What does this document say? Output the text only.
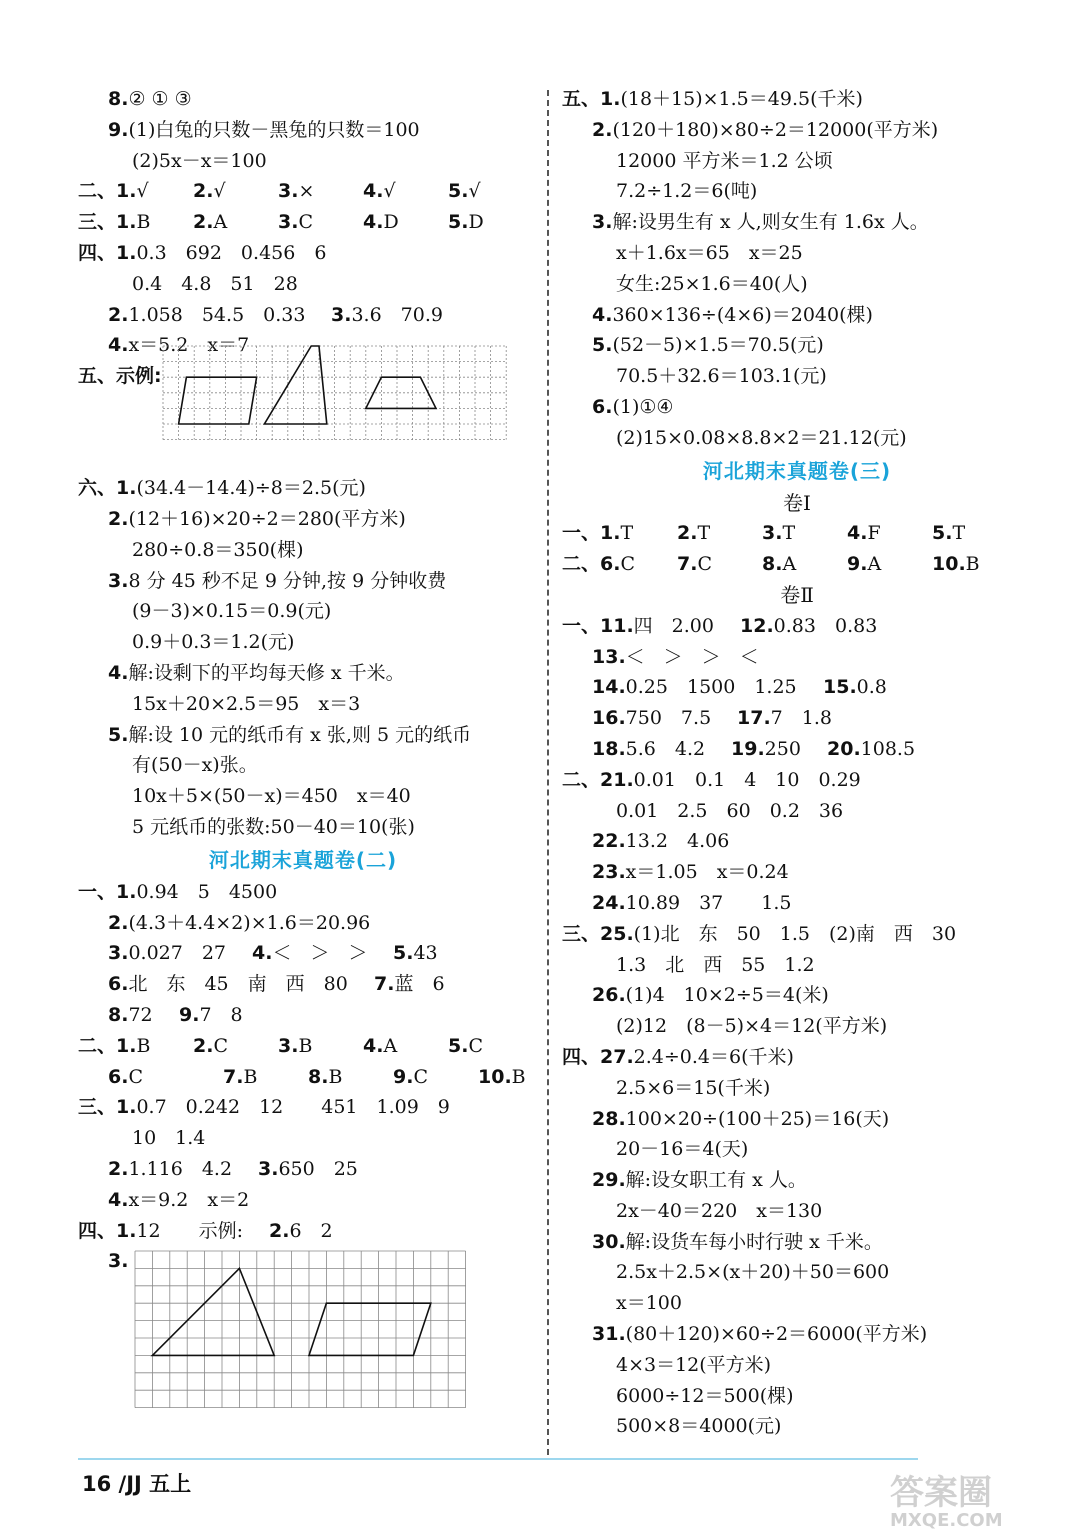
8.② ① ③
9.(1)白兔的只数－黑兔的只数＝100
(2)5x－x＝100
二、1.√ 2.√	3.×	4.√	5.√
三、1.B 2.A	3.C	4.D	5.D
四、1.0.3　692　0.456　6
0.4　4.8　51　28
2.1.058　54.5　0.33 3.3.6　70.9
4.x＝5.2　x＝7
五、示例:
六、1.(34.4－14.4)÷8＝2.5(元)
2.(12＋16)×20÷2＝280(平方米)
280÷0.8＝350(棵)
3.8 分 45 秒不足 9 分钟,按 9 分钟收费
(9－3)×0.15＝0.9(元)
0.9＋0.3＝1.2(元)
4.解:设剩下的平均每天修 x 千米。
15x＋20×2.5＝95　x＝3
5.解:设 10 元的纸币有 x 张,则 5 元的纸币
有(50－x)张。
10x＋5×(50－x)＝450　x＝40
5 元纸币的张数:50－40＝10(张)
河北期末真题卷(二)
一、1.0.94　5　4500
2.(4.3＋4.4×2)×1.6＝20.96
3.0.027　27 4.＜　＞　＞ 5.43
6.北　东　45　南　西　80 7.蓝　6
8.72 9.7　8
二、1.B 2.C	3.B	4.A	5.C
6.C	7.B	8.B	9.C	10.B
三、1.0.7　0.242　12　　451　1.09　9
10　1.4
2.1.116　4.2 3.650　25
4.x＝9.2　x＝2
四、1.12　　示例: 2.6　2
3.
五、1.(18＋15)×1.5＝49.5(千米)
2.(120＋180)×80÷2＝12000(平方米)
12000 平方米＝1.2 公顷
7.2÷1.2＝6(吨)
3.解:设男生有 x 人,则女生有 1.6x 人。
x＋1.6x＝65　x＝25
女生:25×1.6＝40(人)
4.360×136÷(4×6)＝2040(棵)
5.(52－5)×1.5＝70.5(元)
70.5＋32.6＝103.1(元)
6.(1)①④
(2)15×0.08×8.8×2＝21.12(元)
河北期末真题卷(三)
卷Ⅰ
一、1.T 2.T	3.T	4.F	5.T
二、6.C 7.C	8.A	9.A	10.B
卷Ⅱ
一、11.四　2.00 12.0.83　0.83
13.＜　＞　＞　＜
14.0.25　1500　1.25 15.0.8
16.750　7.5 17.7　1.8
18.5.6　4.2 19.250 20.108.5
二、21.0.01　0.1　4　10　0.29
0.01　2.5　60　0.2　36
22.13.2　4.06
23.x＝1.05　x＝0.24
24.10.89　37　　1.5
三、25.(1)北　东　50　1.5　(2)南　西　30
1.3　北　西　55　1.2
26.(1)4　10×2÷5＝4(米)
(2)12　(8－5)×4＝12(平方米)
四、27.2.4÷0.4＝6(千米)
2.5×6＝15(千米)
28.100×20÷(100＋25)＝16(天)
20－16＝4(天)
29.解:设女职工有 x 人。
2x－40＝220　x＝130
30.解:设货车每小时行驶 x 千米。
2.5x＋2.5×(x＋20)＋50＝600
x＝100
31.(80＋120)×60÷2＝6000(平方米)
4×3＝12(平方米)
6000÷12＝500(棵)
500×8＝4000(元)
16 /JJ 五上	答案圈
MXQE.COM
